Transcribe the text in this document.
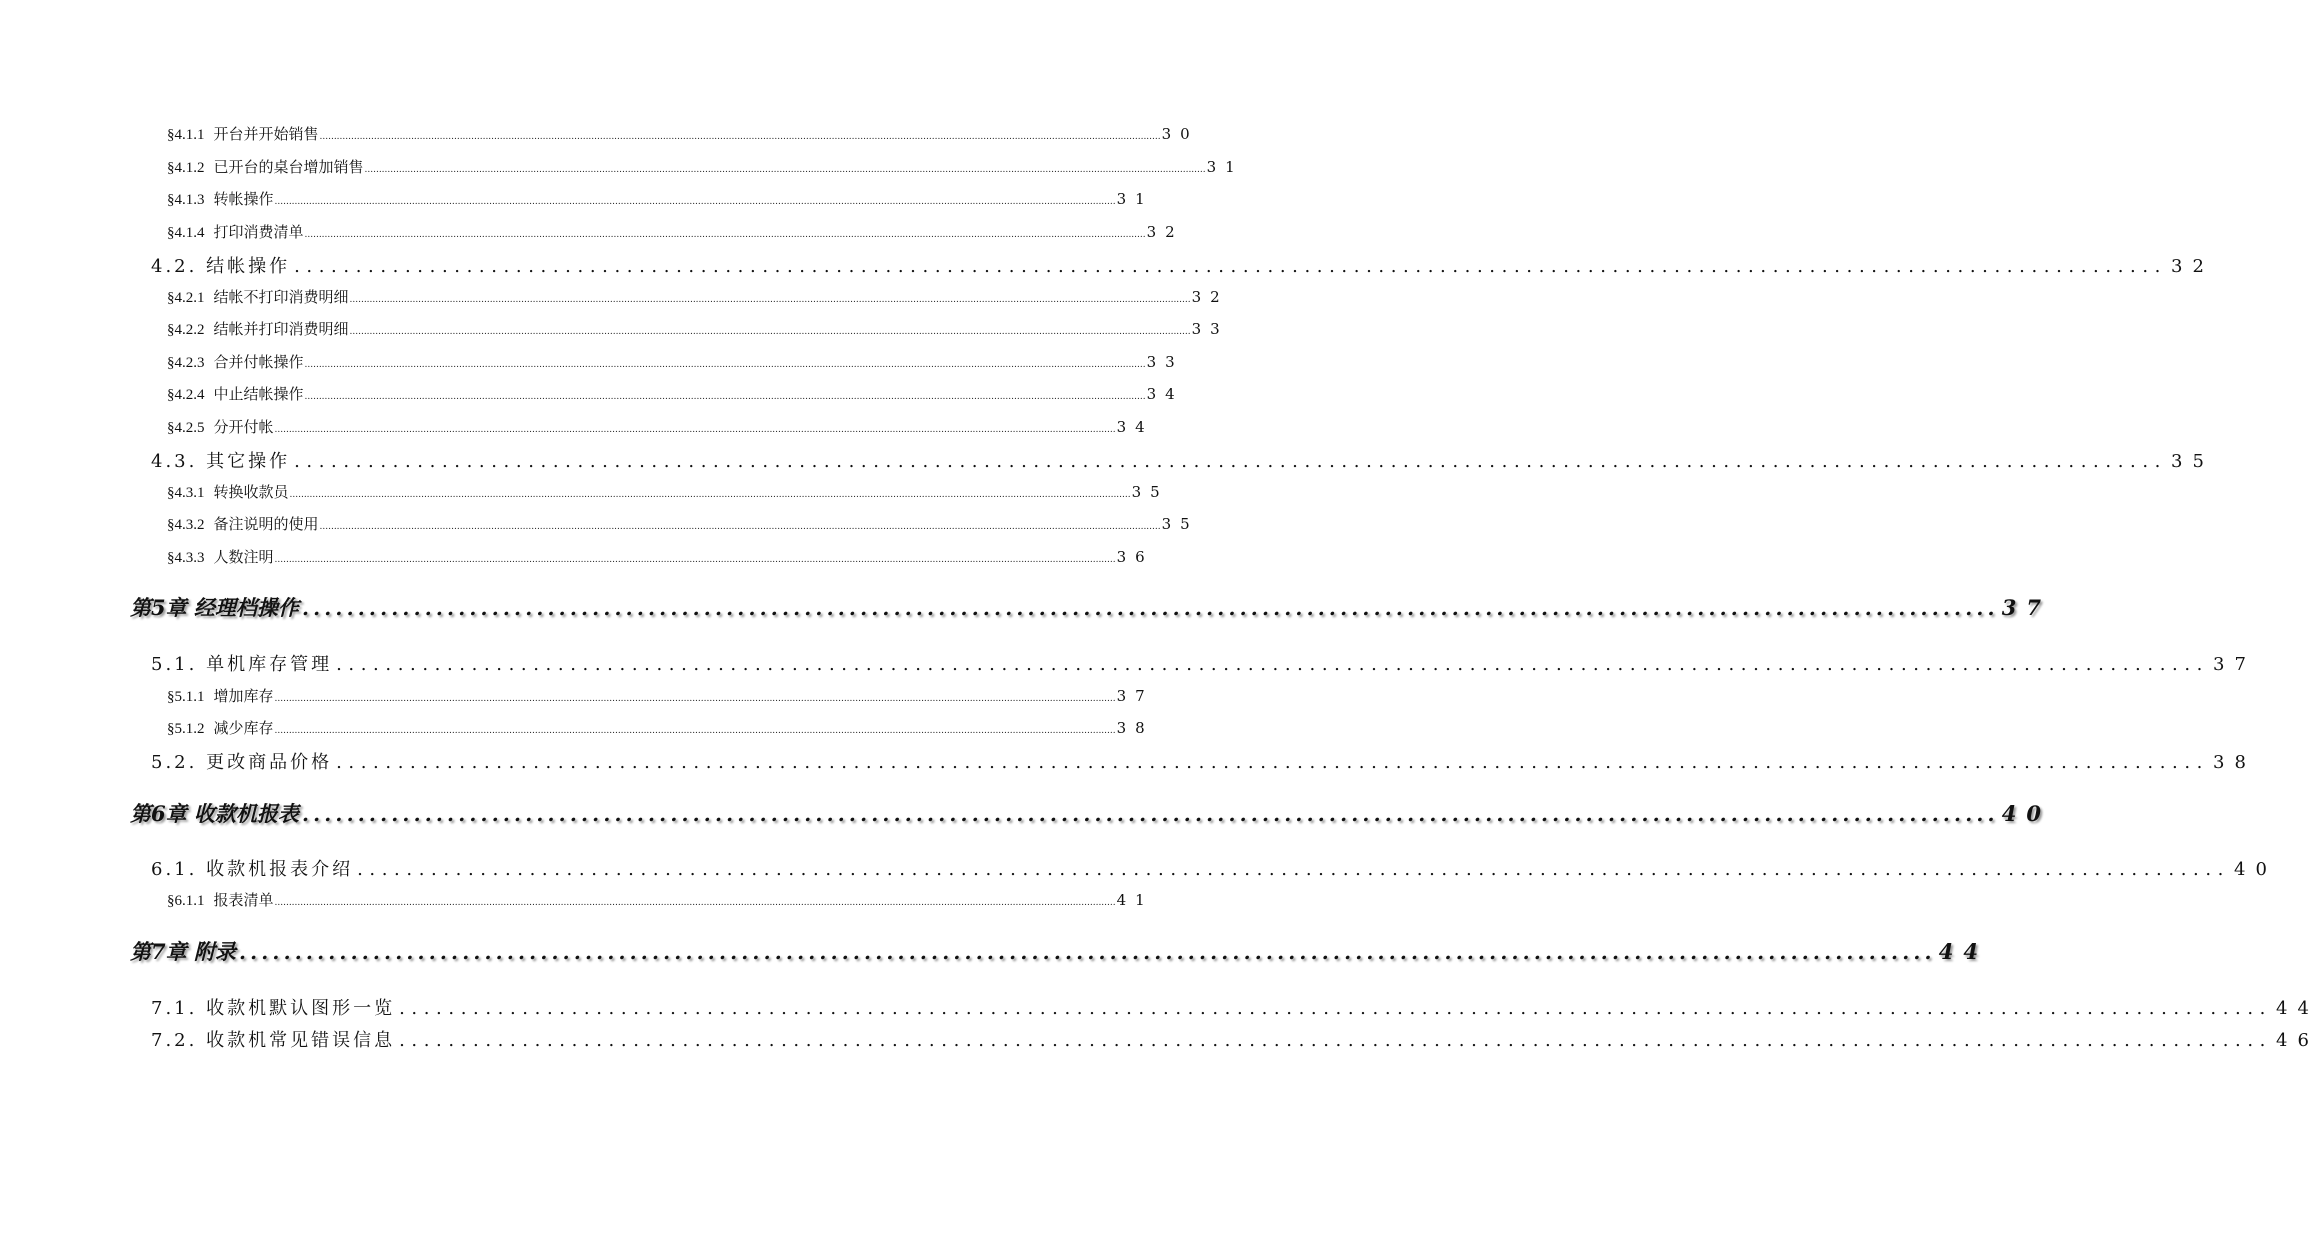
§4.1.1 开台并开始销售 .....	30
§4.1.2 已开台的桌台增加销售 .....	31
§4.1.3 转帐操作 .....	31
§4.1.4 打印消费清单 .....	32
4.2. 结帐操作 .....	32
§4.2.1 结帐不打印消费明细 .....	32
§4.2.2 结帐并打印消费明细 .....	33
§4.2.3 合并付帐操作 .....	33
§4.2.4 中止结帐操作 .....	34
§4.2.5 分开付帐 .....	34
4.3. 其它操作 .....	35
§4.3.1 转换收款员 .....	35
§4.3.2 备注说明的使用 .....	35
§4.3.3 人数注明 .....	36
第5章 经理档操作 .....	37
5.1. 单机库存管理 .....	37
§5.1.1 增加库存 .....	37
§5.1.2 减少库存 .....	38
5.2. 更改商品价格 .....	38
第6章 收款机报表 .....	40
6.1. 收款机报表介绍 .....	40
§6.1.1 报表清单 .....	41
第7章 附录 .....	44
7.1. 收款机默认图形一览 .....	44
7.2. 收款机常见错误信息 .....	46
